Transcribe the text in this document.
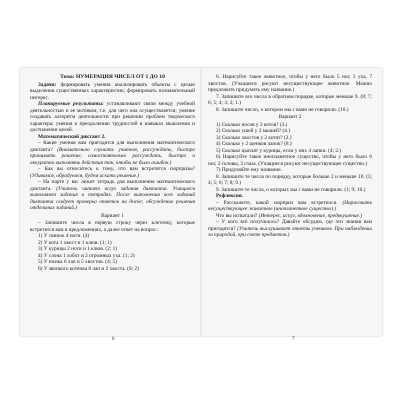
Тема: НУМЕРАЦИЯ ЧИСЕЛ ОТ 1 ДО 10

Задачи: формировать умения анализировать объекты с целью выделения существенных характеристик; формировать познавательный интерес.

Планируемые результаты: устанавливают связи между учебной деятельностью и ее мотивом, т.е. для чего она осуществляется; умение создавать алгоритм деятельности при решении проблем творческого характера; умения к преодолению трудностей в навыках мышления и достижении целей.

Математический диктант 2.

– Какие умения вам пригодятся для выполнения математического диктанта? (Внимательно слушать учителя, рассуждать, быстро принимать решение, самостоятельно рассуждать, быстро и аккуратно выполнять действия так, чтобы не было ошибок.)

– Как вы относитесь к тому, что вам встретятся сюрпризы? (Удивимся, обрадуемся, будем искать решение.)

– На парте у вас лежит тетрадь для выполнения математического диктанта. (Учитель читает вслух задания диктанта. Учащиеся выполняют задания в тетрадях. После выполнения всех заданий диктанта следует проверка ответов на доске; обсуждение решения отдельных заданий.)

Вариант 1

– Запишите числа в первую строку через клеточку, которые встретятся вам в предложениях, а далее ответ на вопрос:

1) У свинок 4 ноги. (4)

2) У кота 1 хвост и 1 клюв. (1; 1)

3) У курицы 2 ноги и 1 клюв. (2; 1)

4) У слона 1 хобот и 2 огромных уха. (1; 2)

5) У ежика 6 лап и 5 хвостов. (4; 5)

6) У звонкого котенка 8 лап и 2 хвоста. (8; 2)

6. Нарисуйте такое животное, чтобы у него было 5 ног, 3 уха, 7 хвостов. (Учащиеся рисуют несуществующее животное. Можно предложить придумать ему название.)

7. Запишите все числа в обратном порядке, которые меньше 9. (8; 7; 6; 5; 4; 3; 2; 1.)

8. Запишите число, о котором мы с вами не говорили. (10.)

Вариант 2

1) Сколько носов у 3 котов? (3.)

2) Сколько ушей у 2 мышей? (4.)

3) Сколько хвостов у 2 котят? (2.)

4) Сколько у 2 щенков лапок? (8.)

5) Сколько цыплят у курицы, если у них 4 лапки. (4; 2.)

6) Нарисуйте такое инопланетное существо, чтобы у него было 6 ног, 2 головы, 3 глаза. (Учащиеся рисуют несуществующее существо.)

7) Придумайте ему название.

8. Запишите те числа по порядку, которые больше 2 и меньше 10. (3; 4; 5; 6; 7; 8; 9.)

9. Запишите те числа, о которых мы с вами не говорили. (1; 9; 10.)

Рефлексия.

– Расскажите, какой сюрприз вам встретился. (Нарисовать несуществующее животное (инопланетное существо).)

Что вы испытали? (Интерес, испуг, вдохновение, предвкушение.)

– У кого всё получилось? Давайте обсудим, где эти знания вам пригодятся? (Учитель выслушивает ответы учеников. При наблюдении за природой, при счете предметов.)

6	7
